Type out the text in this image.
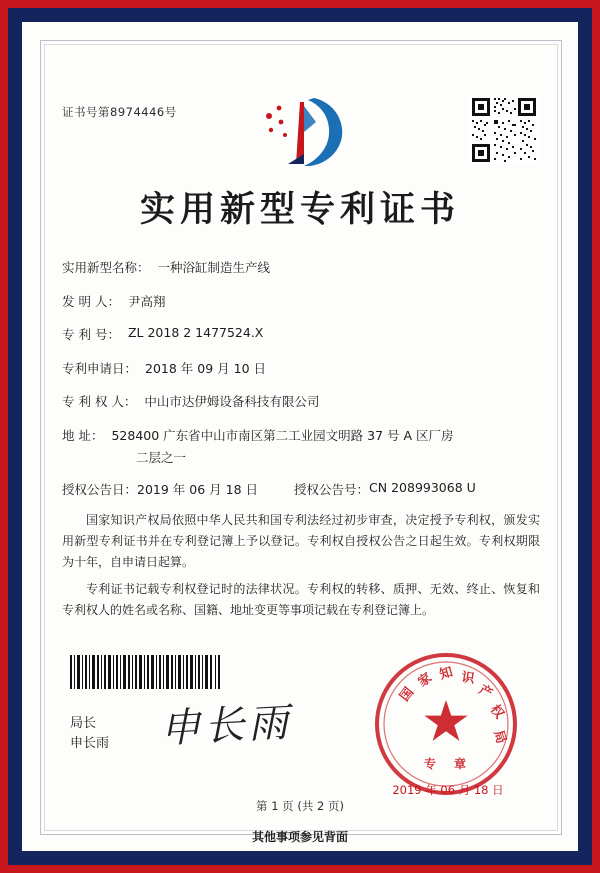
证书号第8974446号
实用新型专利证书
实用新型名称： 一种浴缸制造生产线
发 明 人： 尹高翔
专 利 号： ZL 2018 2 1477524.X
专利申请日： 2018 年 09 月 10 日
专 利 权 人： 中山市达伊姆设备科技有限公司
地 址： 528400 广东省中山市南区第二工业园文明路 37 号 A 区厂房
二层之一
授权公告日： 2019 年 06 月 18 日	授权公告号： CN 208993068 U

国家知识产权局依照中华人民共和国专利法经过初步审查，决定授予专利权，颁发实用新型专利证书并在专利登记簿上予以登记。专利权自授权公告之日起生效。专利权期限为十年，自申请日起算。

专利证书记载专利权登记时的法律状况。专利权的转移、质押、无效、终止、恢复和专利权人的姓名或名称、国籍、地址变更等事项记载在专利登记簿上。

局长
申长雨 申长雨
国
家 知 识
产
权
局
专 章
2019 年 06 月 18 日
第 1 页 (共 2 页)
其他事项参见背面
